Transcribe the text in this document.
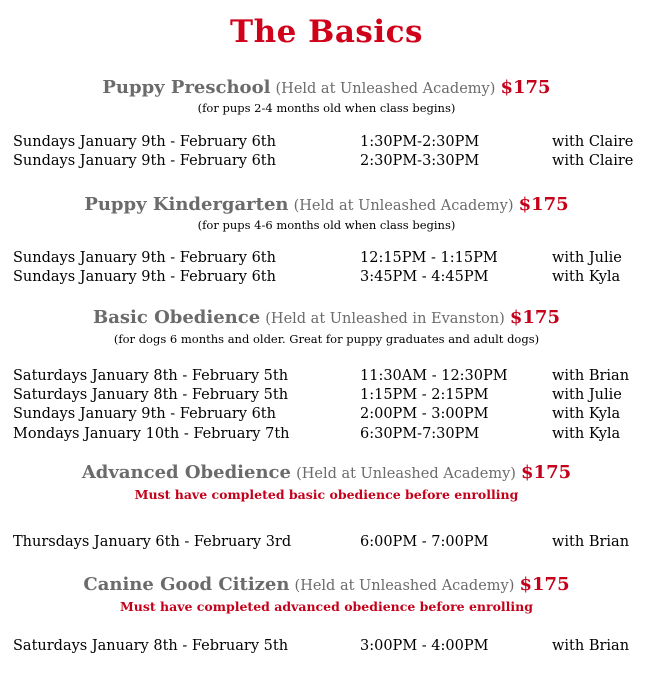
The Basics
Puppy Preschool (Held at Unleashed Academy) $175
(for pups 2-4 months old when class begins)
Sundays January 9th - February 6th	1:30PM-2:30PM	with Claire
Sundays January 9th - February 6th	2:30PM-3:30PM	with Claire
Puppy Kindergarten (Held at Unleashed Academy) $175
(for pups 4-6 months old when class begins)
Sundays January 9th - February 6th	12:15PM - 1:15PM	with Julie
Sundays January 9th - February 6th	3:45PM - 4:45PM	with Kyla
Basic Obedience (Held at Unleashed in Evanston) $175
(for dogs 6 months and older. Great for puppy graduates and adult dogs)
Saturdays January 8th - February 5th	11:30AM - 12:30PM	with Brian
Saturdays January 8th - February 5th	1:15PM - 2:15PM	with Julie
Sundays January 9th - February 6th	2:00PM - 3:00PM	with Kyla
Mondays January 10th - February 7th	6:30PM-7:30PM	with Kyla
Advanced Obedience (Held at Unleashed Academy) $175
Must have completed basic obedience before enrolling
Thursdays January 6th - February 3rd	6:00PM - 7:00PM	with Brian
Canine Good Citizen (Held at Unleashed Academy) $175
Must have completed advanced obedience before enrolling
Saturdays January 8th - February 5th	3:00PM - 4:00PM	with Brian
